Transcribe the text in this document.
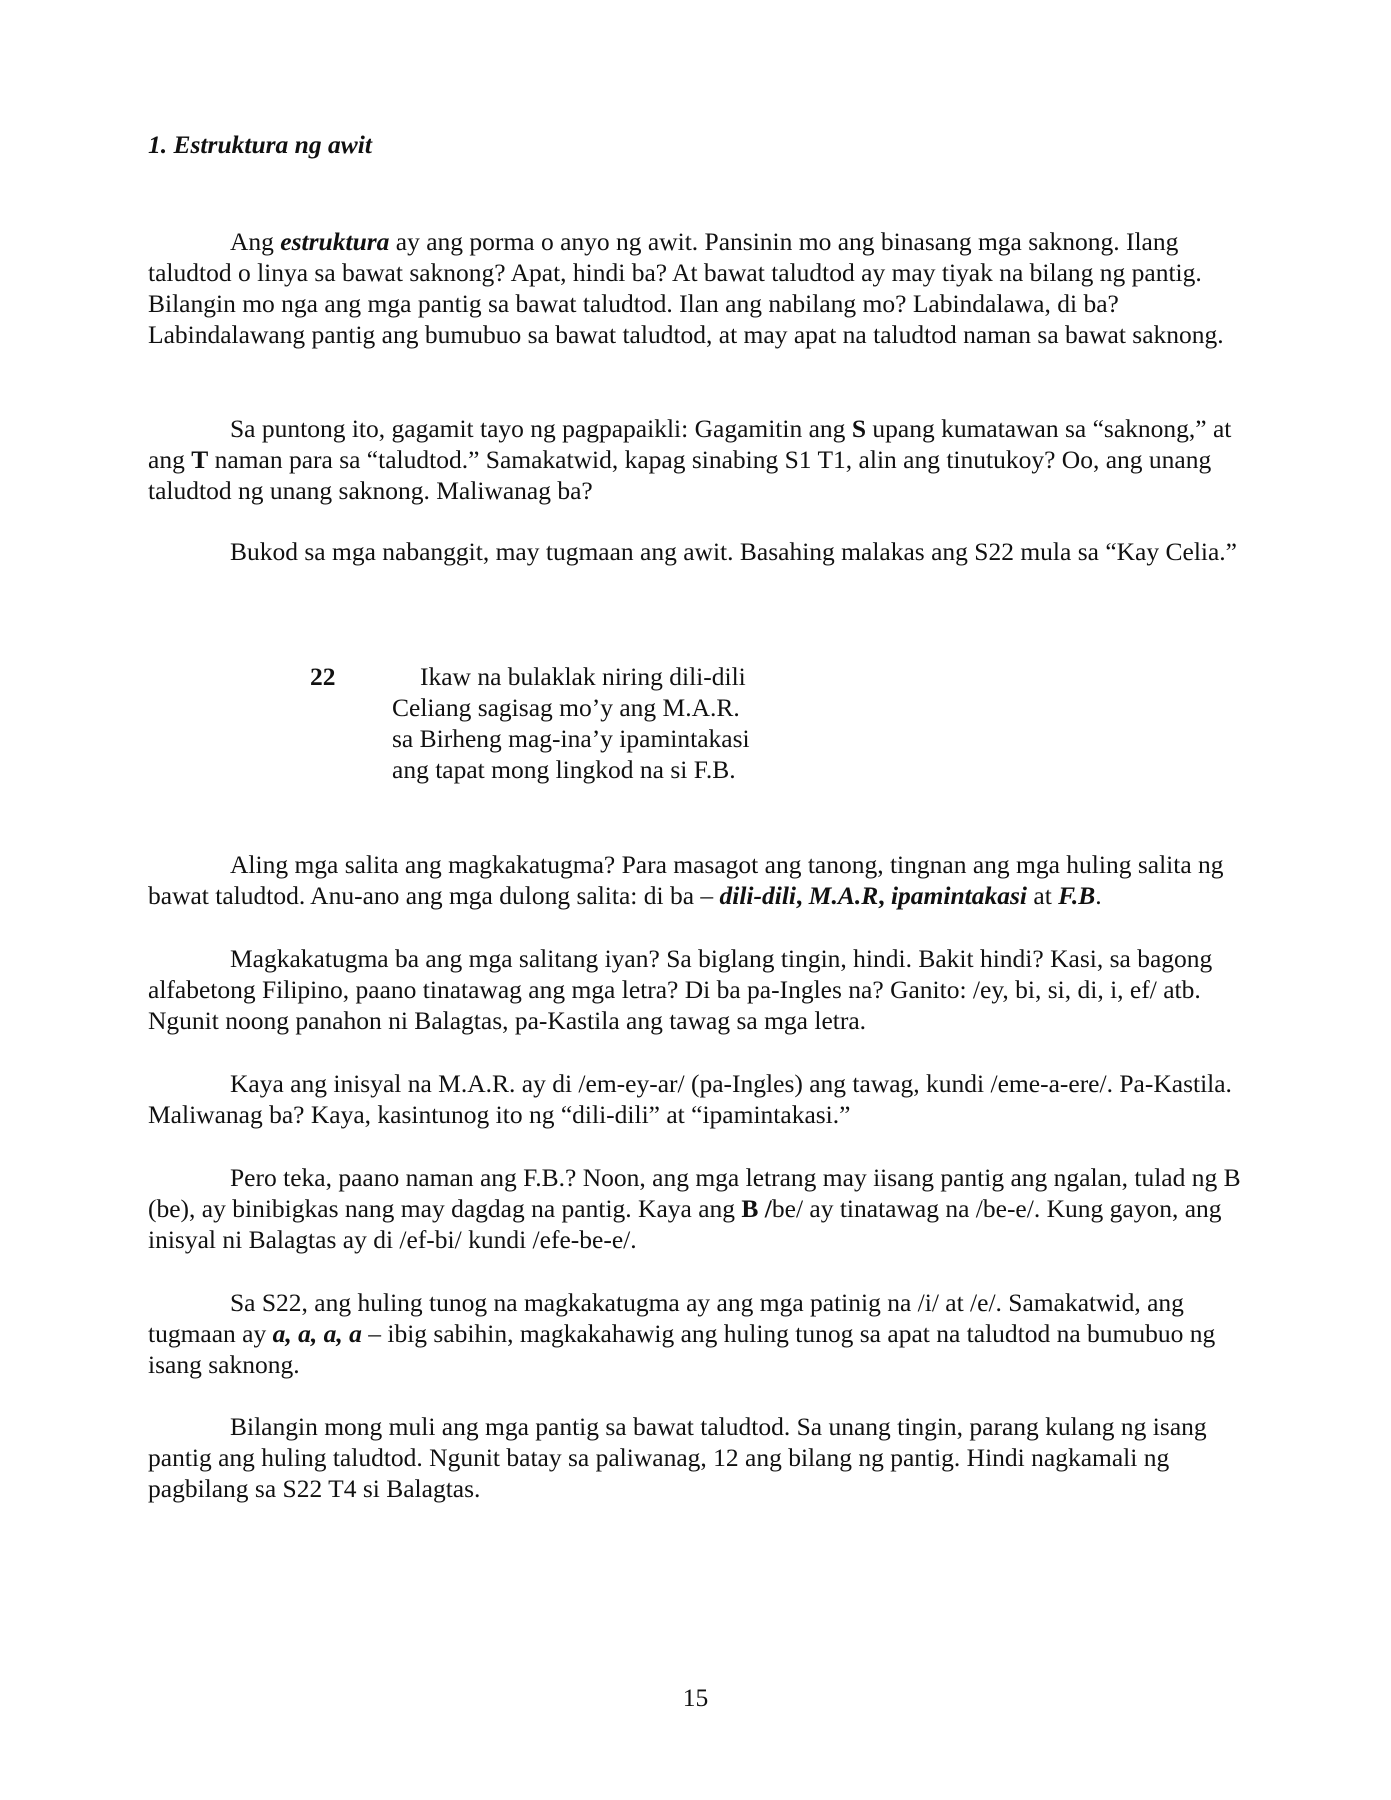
1. Estruktura ng awit

Ang estruktura ay ang porma o anyo ng awit. Pansinin mo ang binasang mga saknong. Ilang taludtod o linya sa bawat saknong? Apat, hindi ba? At bawat taludtod ay may tiyak na bilang ng pantig. Bilangin mo nga ang mga pantig sa bawat taludtod. Ilan ang nabilang mo? Labindalawa, di ba? Labindalawang pantig ang bumubuo sa bawat taludtod, at may apat na taludtod naman sa bawat saknong.

Sa puntong ito, gagamit tayo ng pagpapaikli: Gagamitin ang S upang kumatawan sa “saknong,” at ang T naman para sa “taludtod.” Samakatwid, kapag sinabing S1 T1, alin ang tinutukoy? Oo, ang unang taludtod ng unang saknong. Maliwanag ba?

Bukod sa mga nabanggit, may tugmaan ang awit. Basahing malakas ang S22 mula sa “Kay Celia.”

22	Ikaw na bulaklak niring dili-dili
Celiang sagisag mo’y ang M.A.R.
sa Birheng mag-ina’y ipamintakasi
ang tapat mong lingkod na si F.B.

Aling mga salita ang magkakatugma? Para masagot ang tanong, tingnan ang mga huling salita ng bawat taludtod. Anu-ano ang mga dulong salita: di ba – dili-dili, M.A.R, ipamintakasi at F.B.

Magkakatugma ba ang mga salitang iyan? Sa biglang tingin, hindi. Bakit hindi? Kasi, sa bagong alfabetong Filipino, paano tinatawag ang mga letra? Di ba pa-Ingles na? Ganito: /ey, bi, si, di, i, ef/ atb. Ngunit noong panahon ni Balagtas, pa-Kastila ang tawag sa mga letra.

Kaya ang inisyal na M.A.R. ay di /em-ey-ar/ (pa-Ingles) ang tawag, kundi /eme-a-ere/. Pa-Kastila. Maliwanag ba? Kaya, kasintunog ito ng “dili-dili” at “ipamintakasi.”

Pero teka, paano naman ang F.B.? Noon, ang mga letrang may iisang pantig ang ngalan, tulad ng B (be), ay binibigkas nang may dagdag na pantig. Kaya ang B /be/ ay tinatawag na /be-e/. Kung gayon, ang inisyal ni Balagtas ay di /ef-bi/ kundi /efe-be-e/.

Sa S22, ang huling tunog na magkakatugma ay ang mga patinig na /i/ at /e/. Samakatwid, ang tugmaan ay a, a, a, a – ibig sabihin, magkakahawig ang huling tunog sa apat na taludtod na bumubuo ng isang saknong.

Bilangin mong muli ang mga pantig sa bawat taludtod. Sa unang tingin, parang kulang ng isang pantig ang huling taludtod. Ngunit batay sa paliwanag, 12 ang bilang ng pantig. Hindi nagkamali ng pagbilang sa S22 T4 si Balagtas.

15
